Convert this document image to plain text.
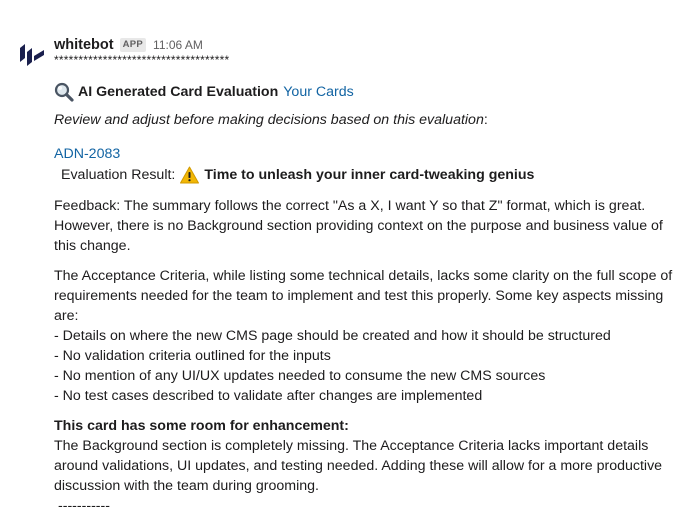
whitebot APP 11:06 AM
************************************
AI Generated Card Evaluation Your Cards
Review and adjust before making decisions based on this evaluation:
ADN-2083
Evaluation Result: Time to unleash your inner card-tweaking genius
Feedback: The summary follows the correct "As a X, I want Y so that Z" format, which is great. However, there is no Background section providing context on the purpose and business value of this change.
The Acceptance Criteria, while listing some technical details, lacks some clarity on the full scope of requirements needed for the team to implement and test this properly. Some key aspects missing are:
- Details on where the new CMS page should be created and how it should be structured
- No validation criteria outlined for the inputs
- No mention of any UI/UX updates needed to consume the new CMS sources
- No test cases described to validate after changes are implemented
This card has some room for enhancement:
The Background section is completely missing. The Acceptance Criteria lacks important details around validations, UI updates, and testing needed. Adding these will allow for a more productive discussion with the team during grooming.
-----------
